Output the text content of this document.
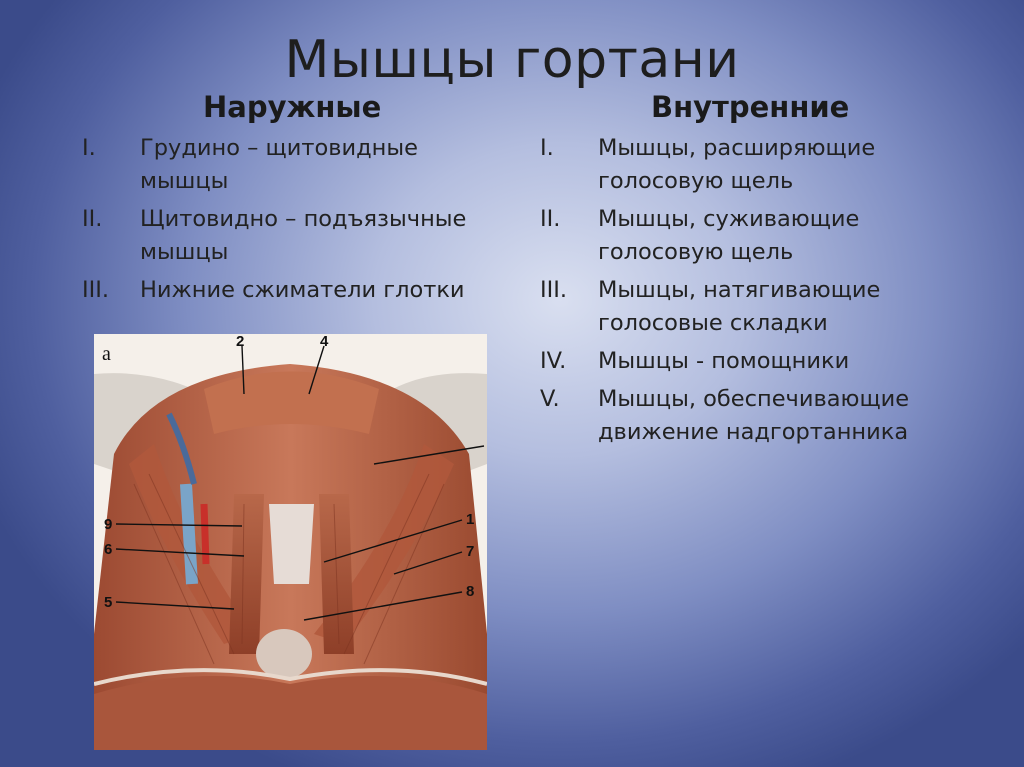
Мышцы гортани
Наружные	Внутренние
I.	Грудино – щитовидные мышцы
II.	Щитовидно – подъязычные мышцы
III.	Нижние сжиматели глотки
I.	Мышцы, расширяющие голосовую щель
II.	Мышцы, суживающие голосовую щель
III.	Мышцы, натягивающие голосовые складки
IV.	Мышцы - помощники
V.	Мышцы, обеспечивающие движение надгортанника
a
2	4
9
6
5
1
7
8
